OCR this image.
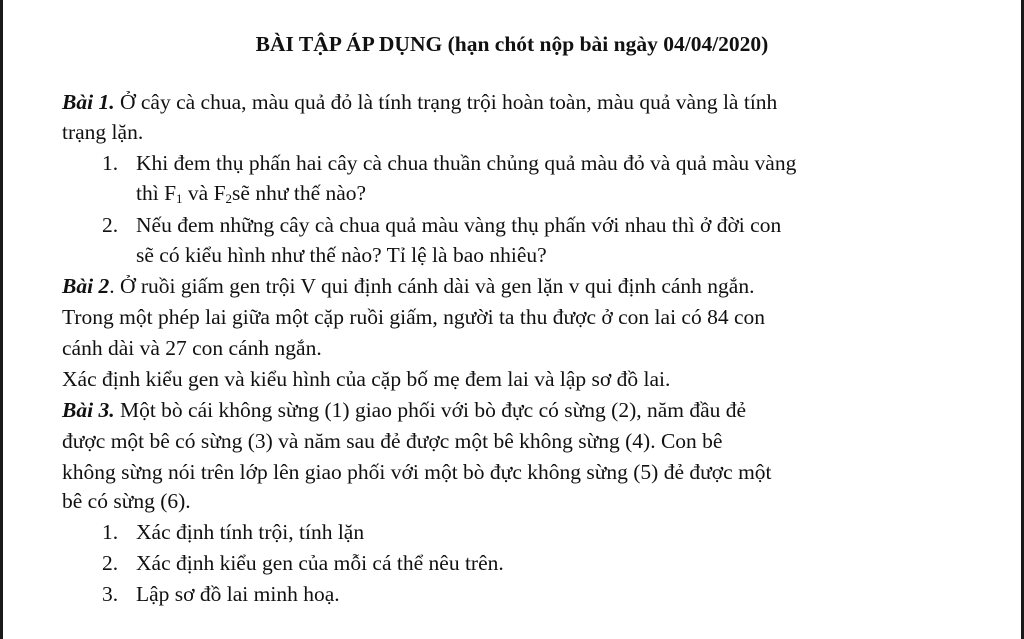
BÀI TẬP ÁP DỤNG (hạn chót nộp bài ngày 04/04/2020)
Bài 1. Ở cây cà chua, màu quả đỏ là tính trạng trội hoàn toàn, màu quả vàng là tính
trạng lặn.
1. Khi đem thụ phấn hai cây cà chua thuần chủng quả màu đỏ và quả màu vàng
thì $F_1$ và $F_2sẽ$ như thế nào?
2. Nếu đem những cây cà chua quả màu vàng thụ phấn với nhau thì ở đời con
sẽ có kiểu hình như thế nào? Tỉ lệ là bao nhiêu?
Bài 2. Ở ruồi giấm gen trội V qui định cánh dài và gen lặn v qui định cánh ngắn.
Trong một phép lai giữa một cặp ruồi giấm, người ta thu được ở con lai có 84 con
cánh dài và 27 con cánh ngắn.
Xác định kiểu gen và kiểu hình của cặp bố mẹ đem lai và lập sơ đồ lai.
Bài 3. Một bò cái không sừng (1) giao phối với bò đực có sừng (2), năm đầu đẻ
được một bê có sừng (3) và năm sau đẻ được một bê không sừng (4). Con bê
không sừng nói trên lớp lên giao phối với một bò đực không sừng (5) đẻ được một
bê có sừng (6).
1. Xác định tính trội, tính lặn
2. Xác định kiểu gen của mỗi cá thể nêu trên.
3. Lập sơ đồ lai minh hoạ.
